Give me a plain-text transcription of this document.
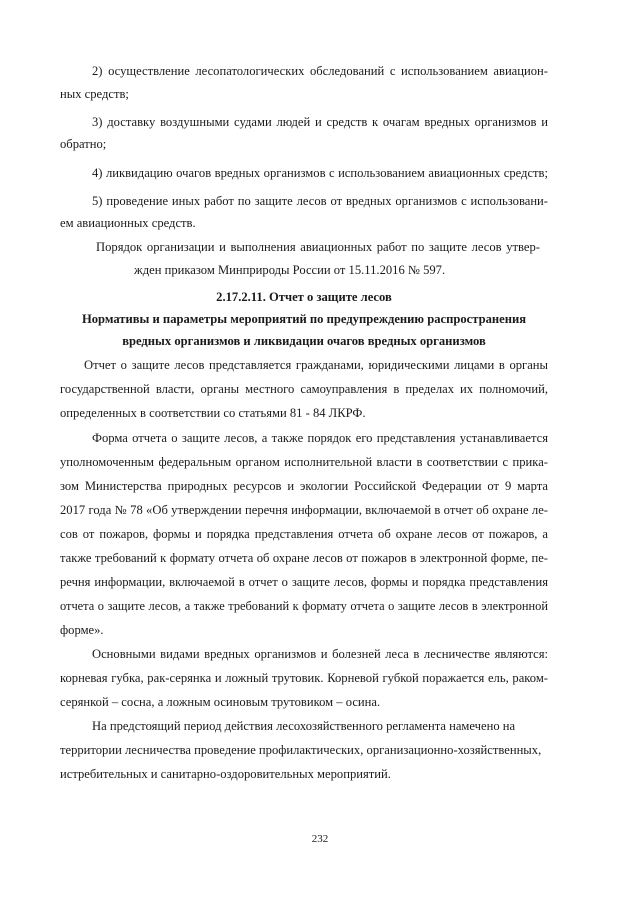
2) осуществление лесопатологических обследований с использованием авиацион-
ных средств;
3) доставку воздушными судами людей и средств к очагам вредных организмов и
обратно;
4) ликвидацию очагов вредных организмов с использованием авиационных средств;
5) проведение иных работ по защите лесов от вредных организмов с использовани-
ем авиационных средств.
Порядок организации и выполнения авиационных работ по защите лесов утвер-
жден приказом Минприроды России от 15.11.2016 № 597.
2.17.2.11. Отчет о защите лесов
Нормативы и параметры мероприятий по предупреждению распространения
вредных организмов и ликвидации очагов вредных организмов
Отчет о защите лесов представляется гражданами, юридическими лицами в органы
государственной власти, органы местного самоуправления в пределах их полномочий,
определенных в соответствии со статьями 81 - 84 ЛКРФ.
Форма отчета о защите лесов, а также порядок его представления устанавливается
уполномоченным федеральным органом исполнительной власти в соответствии с прика-
зом Министерства природных ресурсов и экологии Российской Федерации от 9 марта
2017 года № 78 «Об утверждении перечня информации, включаемой в отчет об охране ле-
сов от пожаров, формы и порядка представления отчета об охране лесов от пожаров, а
также требований к формату отчета об охране лесов от пожаров в электронной форме, пе-
речня информации, включаемой в отчет о защите лесов, формы и порядка представления
отчета о защите лесов, а также требований к формату отчета о защите лесов в электронной
форме».
Основными видами вредных организмов и болезней леса в лесничестве являются:
корневая губка, рак-серянка и ложный трутовик. Корневой губкой поражается ель, раком-
серянкой – сосна, а ложным осиновым трутовиком – осина.
На предстоящий период действия лесохозяйственного регламента намечено на
территории лесничества проведение профилактических, организационно-хозяйственных,
истребительных и санитарно-оздоровительных мероприятий.
232
